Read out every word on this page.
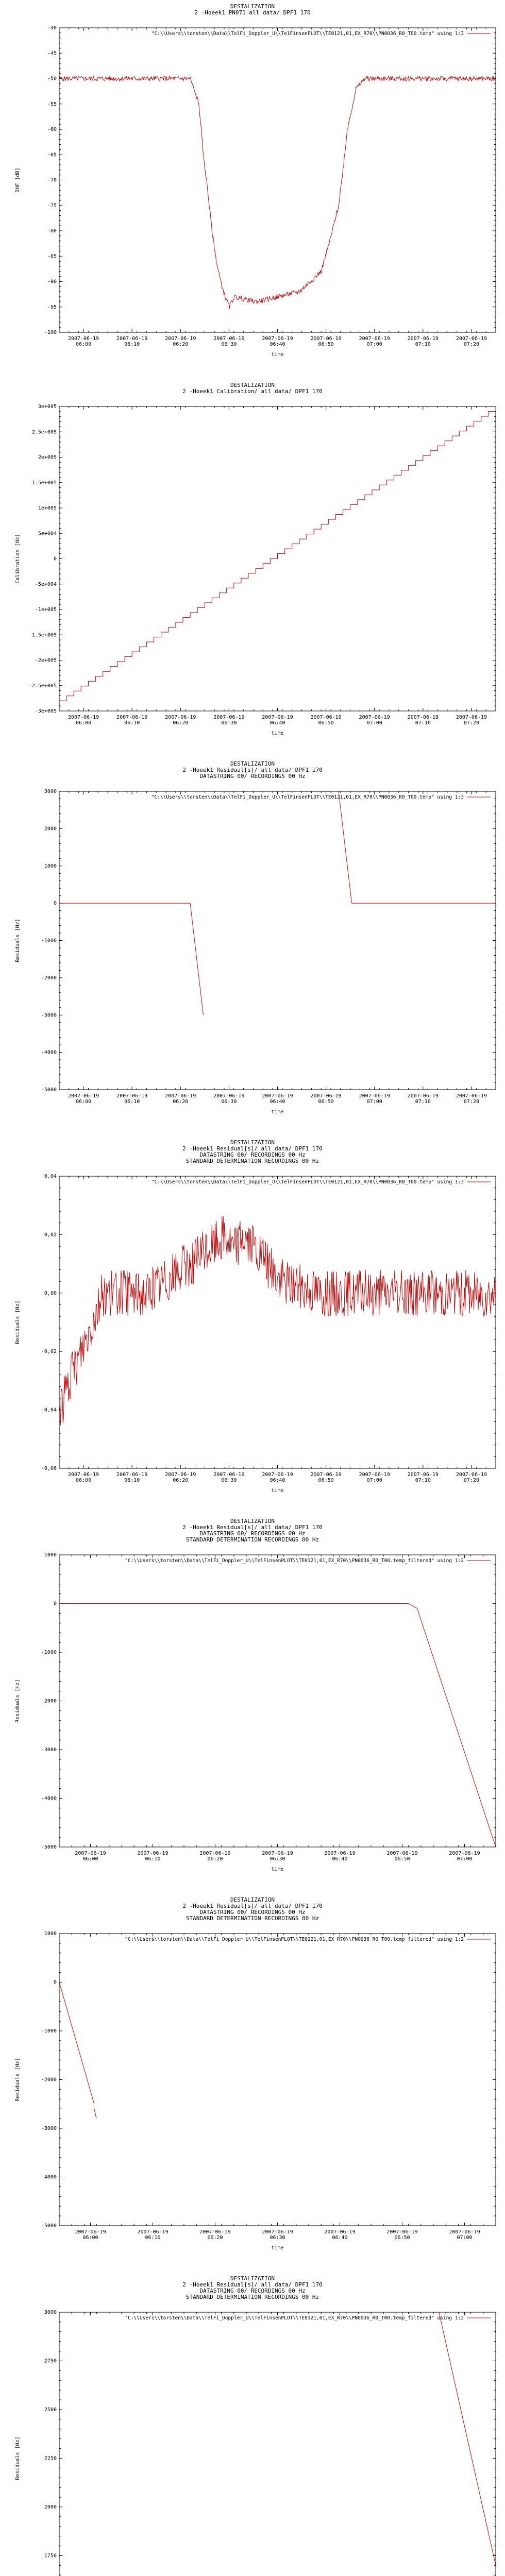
DESTALIZATION
2 -Hoeek1 PN071 all data/ DPF1 170
-100
-95
-90
-85
-80
-75
-70
-65
-60
-55
-50
-45
-40
2007-06-19
06:00
2007-06-19
06:10
2007-06-19
06:20
2007-06-19
06:30
2007-06-19
06:40
2007-06-19
06:50
2007-06-19
07:00
2007-06-19
07:10
2007-06-19
07:20
time
DHF [dB]
"C:\\Users\\torsten\\Data\\TelFi_Doppler_U\\TelFinsenPLOT\\TE0121,01,EX_R70\\PN0036_R0_T00.temp" using 1:3
DESTALIZATION
2 -Hoeek1 Calibration/ all data/ DPF1 170
-3e+005
-2.5e+005
-2e+005
-1.5e+005
-1e+005
-5e+004
0
5e+004
1e+005
1.5e+005
2e+005
2.5e+005
3e+005
2007-06-19
06:00
2007-06-19
06:10
2007-06-19
06:20
2007-06-19
06:30
2007-06-19
06:40
2007-06-19
06:50
2007-06-19
07:00
2007-06-19
07:10
2007-06-19
07:20
time
Calibration [Hz]
DESTALIZATION
2 -Hoeek1 Residual[s]/ all data/ DPF1 170
DATASTRING 00/ RECORDINGS 00 Hz
-5000
-4000
-3000
-2000
-1000
0
1000
2000
3000
2007-06-19
06:00
2007-06-19
06:10
2007-06-19
06:20
2007-06-19
06:30
2007-06-19
06:40
2007-06-19
06:50
2007-06-19
07:00
2007-06-19
07:10
2007-06-19
07:20
time
Residuals [Hz]
"C:\\Users\\torsten\\Data\\TelFi_Doppler_U\\TelFinsenPLOT\\TE0121,01,EX_R70\\PN0036_R0_T00.temp" using 1:3
DESTALIZATION
2 -Hoeek1 Residual[s]/ all data/ DPF1 170
DATASTRING 00/ RECORDINGS 00 Hz
STANDARD DETERMINATION RECORDINGS 00 Hz
-0,06
-0,04
-0,02
0,00
0,02
0,04
2007-06-19
06:00
2007-06-19
06:10
2007-06-19
06:20
2007-06-19
06:30
2007-06-19
06:40
2007-06-19
06:50
2007-06-19
07:00
2007-06-19
07:10
2007-06-19
07:20
time
Residuals [Hz]
"C:\\Users\\torsten\\Data\\TelFi_Doppler_U\\TelFinsenPLOT\\TE0121,01,EX_R70\\PN0036_R0_T00.temp" using 1:3
DESTALIZATION
2 -Hoeek1 Residual[s]/ all data/ DPF1 170
DATASTRING 00/ RECORDINGS 00 Hz
STANDARD DETERMINATION RECORDINGS 00 Hz
-5000
-4000
-3000
-2000
-1000
0
1000
2007-06-19
06:00
2007-06-19
06:10
2007-06-19
06:20
2007-06-19
06:30
2007-06-19
06:40
2007-06-19
06:50
2007-06-19
07:00
time
Residuals [Hz]
"C:\\Users\\torsten\\Data\\TelFi_Doppler_U\\TelFinsenPLOT\\TE0121,01,EX_R70\\PN0036_R0_T00.temp_filtered" using 1:2
DESTALIZATION
2 -Hoeek1 Residual[s]/ all data/ DPF1 170
DATASTRING 00/ RECORDINGS 00 Hz
STANDARD DETERMINATION RECORDINGS 00 Hz
-5000
-4000
-3000
-2000
-1000
0
1000
2007-06-19
06:00
2007-06-19
06:10
2007-06-19
06:20
2007-06-19
06:30
2007-06-19
06:40
2007-06-19
06:50
2007-06-19
07:00
time
Residuals [Hz]
"C:\\Users\\torsten\\Data\\TelFi_Doppler_U\\TelFinsenPLOT\\TE0121,01,EX_R70\\PN0036_R0_T00.temp_filtered" using 1:2
DESTALIZATION
2 -Hoeek1 Residual[s]/ all data/ DPF1 170
DATASTRING 00/ RECORDINGS 00 Hz
STANDARD DETERMINATION RECORDINGS 00 Hz
1750
2000
2250
2500
2750
3000
Residuals [Hz]
"C:\\Users\\torsten\\Data\\TelFi_Doppler_U\\TelFinsenPLOT\\TE0121,01,EX_R70\\PN0036_R0_T00.temp_filtered" using 1:2
